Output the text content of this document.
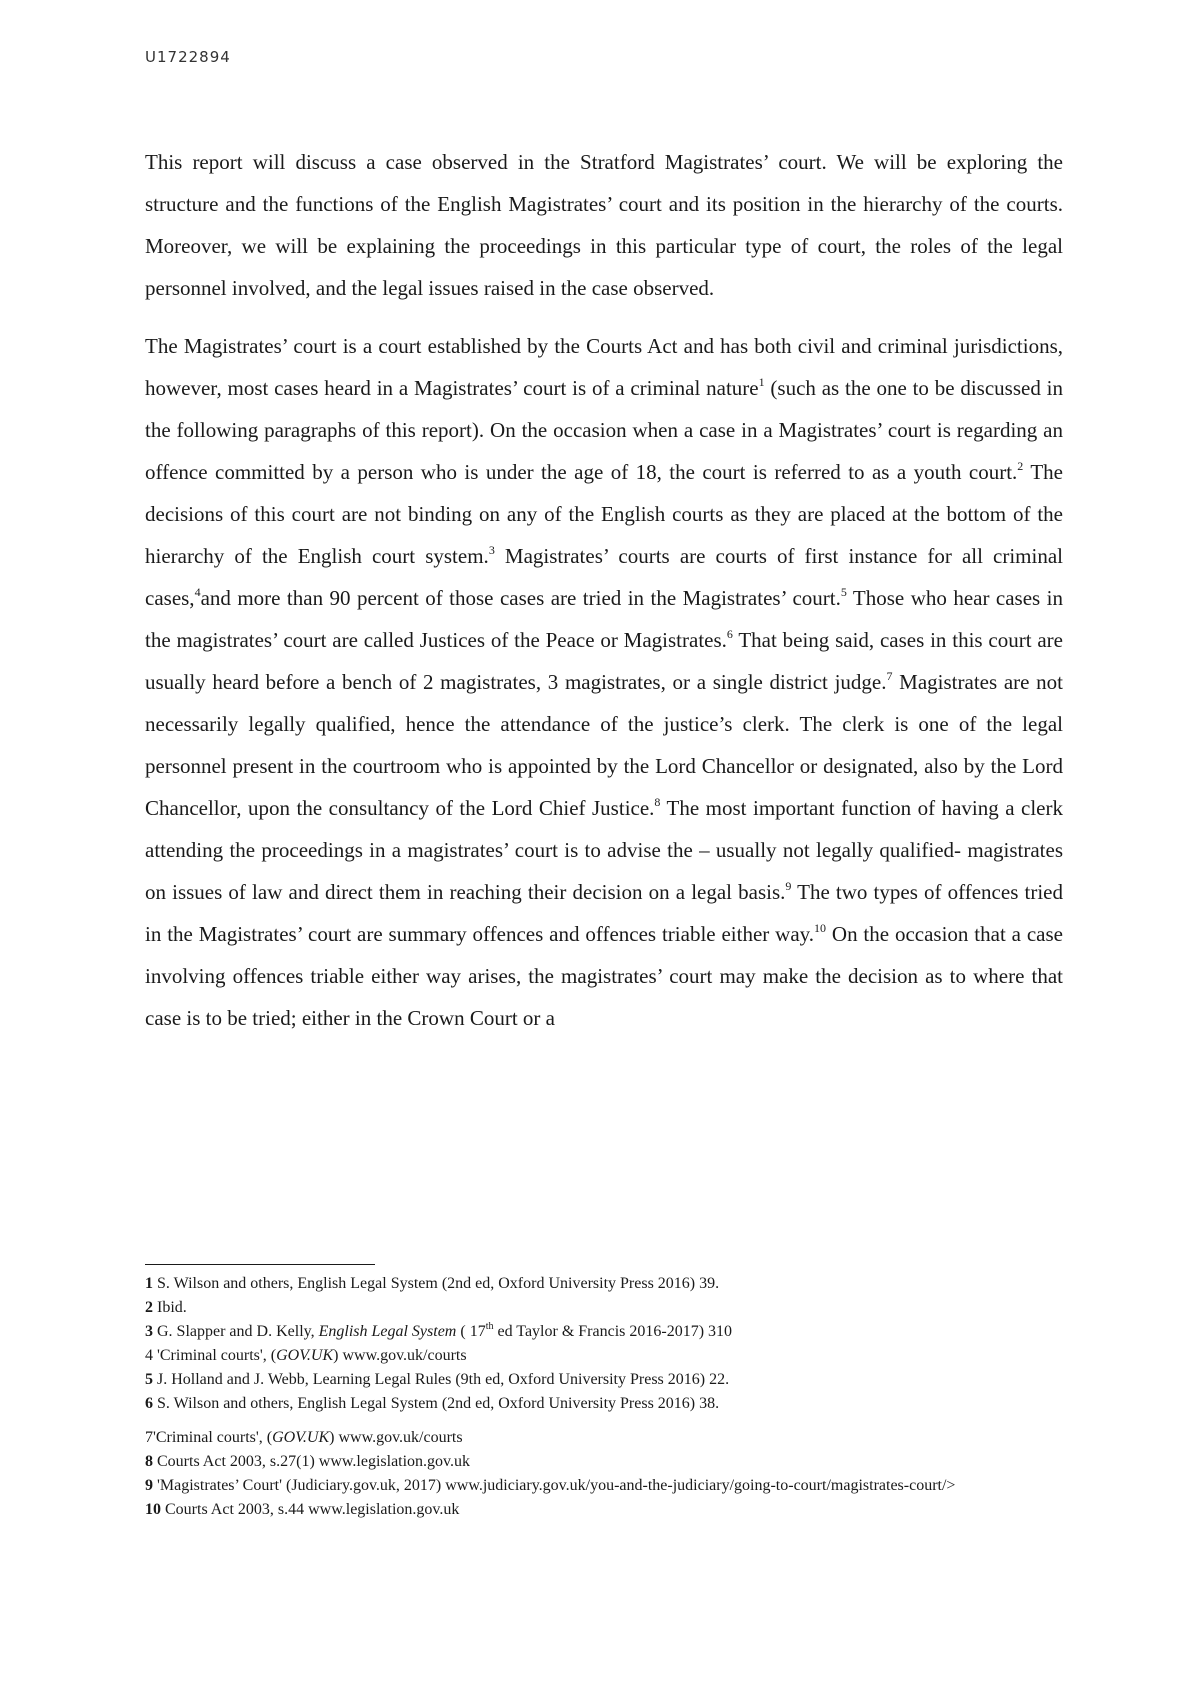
U1722894

This report will discuss a case observed in the Stratford Magistrates’ court. We will be exploring the structure and the functions of the English Magistrates’ court and its position in the hierarchy of the courts. Moreover, we will be explaining the proceedings in this particular type of court, the roles of the legal personnel involved, and the legal issues raised in the case observed.

The Magistrates’ court is a court established by the Courts Act and has both civil and criminal jurisdictions, however, most cases heard in a Magistrates’ court is of a criminal nature$^1$ (such as the one to be discussed in the following paragraphs of this report). On the occasion when a case in a Magistrates’ court is regarding an offence committed by a person who is under the age of 18, the court is referred to as a youth court.$^2$ The decisions of this court are not binding on any of the English courts as they are placed at the bottom of the hierarchy of the English court system.$^3$ Magistrates’ courts are courts of first instance for all criminal cases,$^4$and more than 90 percent of those cases are tried in the Magistrates’ court.$^5$ Those who hear cases in the magistrates’ court are called Justices of the Peace or Magistrates.$^6$ That being said, cases in this court are usually heard before a bench of 2 magistrates, 3 magistrates, or a single district judge.$^7$ Magistrates are not necessarily legally qualified, hence the attendance of the justice’s clerk. The clerk is one of the legal personnel present in the courtroom who is appointed by the Lord Chancellor or designated, also by the Lord Chancellor, upon the consultancy of the Lord Chief Justice.$^8$ The most important function of having a clerk attending the proceedings in a magistrates’ court is to advise the – usually not legally qualified- magistrates on issues of law and direct them in reaching their decision on a legal basis.$^9$ The two types of offences tried in the Magistrates’ court are summary offences and offences triable either way.$^{10}$ On the occasion that a case involving offences triable either way arises, the magistrates’ court may make the decision as to where that case is to be tried; either in the Crown Court or a

1 S. Wilson and others, English Legal System (2nd ed, Oxford University Press 2016) 39.
2 Ibid.
3 G. Slapper and D. Kelly, English Legal System ( 17th ed Taylor & Francis 2016-2017) 310
4 'Criminal courts', (GOV.UK) www.gov.uk/courts
5 J. Holland and J. Webb, Learning Legal Rules (9th ed, Oxford University Press 2016) 22.
6 S. Wilson and others, English Legal System (2nd ed, Oxford University Press 2016) 38.
7'Criminal courts', (GOV.UK) www.gov.uk/courts
8 Courts Act 2003, s.27(1) www.legislation.gov.uk
9 'Magistrates’ Court' (Judiciary.gov.uk, 2017) www.judiciary.gov.uk/you-and-the-judiciary/going-to-court/magistrates-court/>
10 Courts Act 2003, s.44 www.legislation.gov.uk
